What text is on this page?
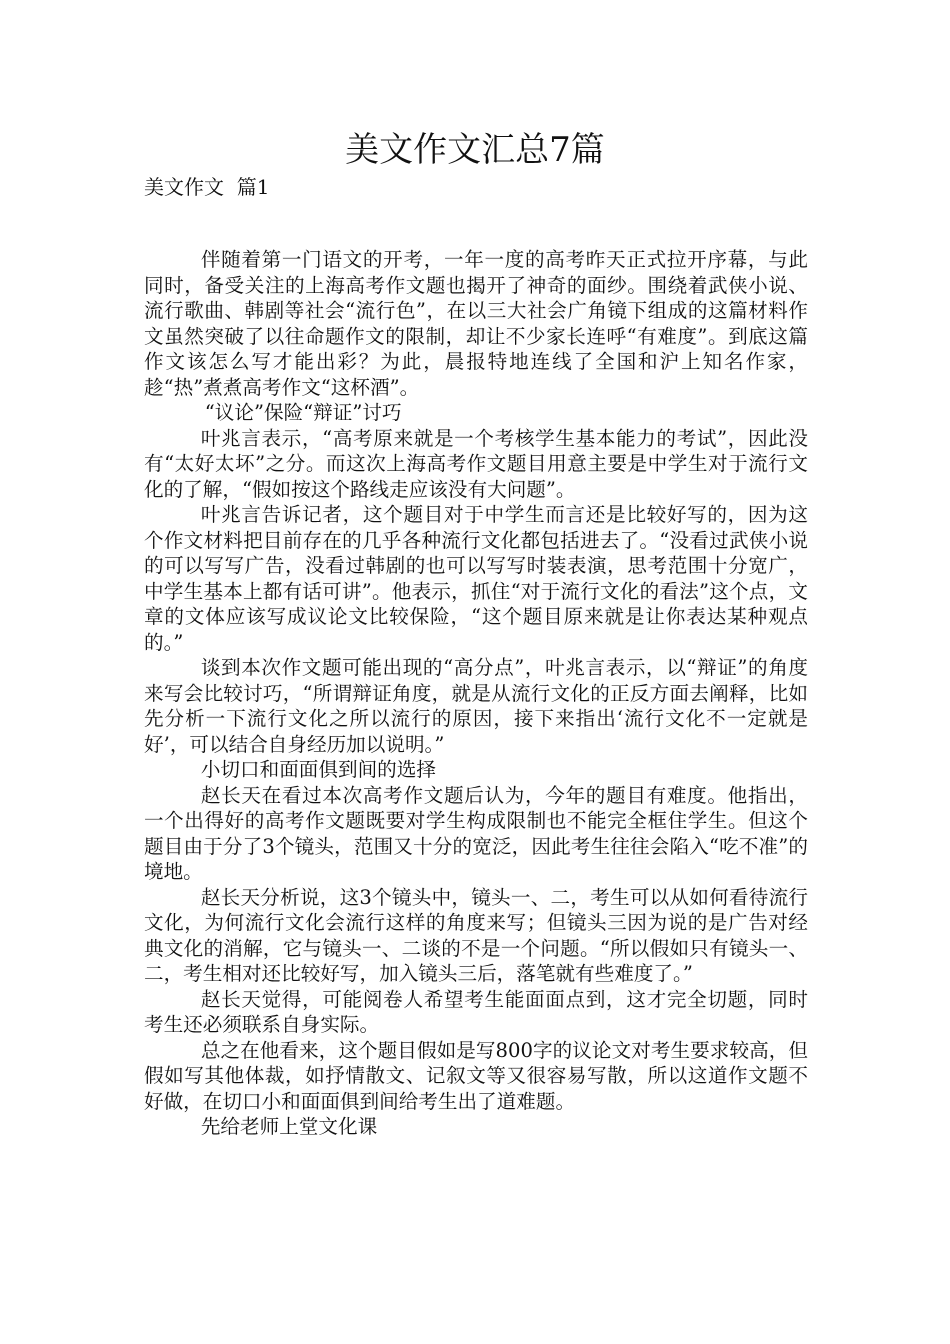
美文作文汇总7篇
美文作文  篇1

伴随着第一门语文的开考，一年一度的高考昨天正式拉开序幕，与此同时，备受关注的上海高考作文题也揭开了神奇的面纱。围绕着武侠小说、流行歌曲、韩剧等社会“流行色”，在以三大社会广角镜下组成的这篇材料作文虽然突破了以往命题作文的限制，却让不少家长连呼“有难度”。到底这篇作文该怎么写才能出彩？为此，晨报特地连线了全国和沪上知名作家，趁“热”煮煮高考作文“这杯酒”。

“议论”保险“辩证”讨巧

叶兆言表示，“高考原来就是一个考核学生基本能力的考试”，因此没有“太好太坏”之分。而这次上海高考作文题目用意主要是中学生对于流行文化的了解，“假如按这个路线走应该没有大问题”。

叶兆言告诉记者，这个题目对于中学生而言还是比较好写的，因为这个作文材料把目前存在的几乎各种流行文化都包括进去了。“没看过武侠小说的可以写写广告，没看过韩剧的也可以写写时装表演，思考范围十分宽广，中学生基本上都有话可讲”。他表示，抓住“对于流行文化的看法”这个点，文章的文体应该写成议论文比较保险，“这个题目原来就是让你表达某种观点的。”

谈到本次作文题可能出现的“高分点”，叶兆言表示，以“辩证”的角度来写会比较讨巧，“所谓辩证角度，就是从流行文化的正反方面去阐释，比如先分析一下流行文化之所以流行的原因，接下来指出‘流行文化不一定就是好’，可以结合自身经历加以说明。”

小切口和面面俱到间的选择

赵长天在看过本次高考作文题后认为，今年的题目有难度。他指出，一个出得好的高考作文题既要对学生构成限制也不能完全框住学生。但这个题目由于分了3个镜头，范围又十分的宽泛，因此考生往往会陷入“吃不准”的境地。

赵长天分析说，这3个镜头中，镜头一、二，考生可以从如何看待流行文化，为何流行文化会流行这样的角度来写；但镜头三因为说的是广告对经典文化的消解，它与镜头一、二谈的不是一个问题。“所以假如只有镜头一、二，考生相对还比较好写，加入镜头三后，落笔就有些难度了。”

赵长天觉得，可能阅卷人希望考生能面面点到，这才完全切题，同时考生还必须联系自身实际。

总之在他看来，这个题目假如是写800字的议论文对考生要求较高，但假如写其他体裁，如抒情散文、记叙文等又很容易写散，所以这道作文题不好做，在切口小和面面俱到间给考生出了道难题。

先给老师上堂文化课
